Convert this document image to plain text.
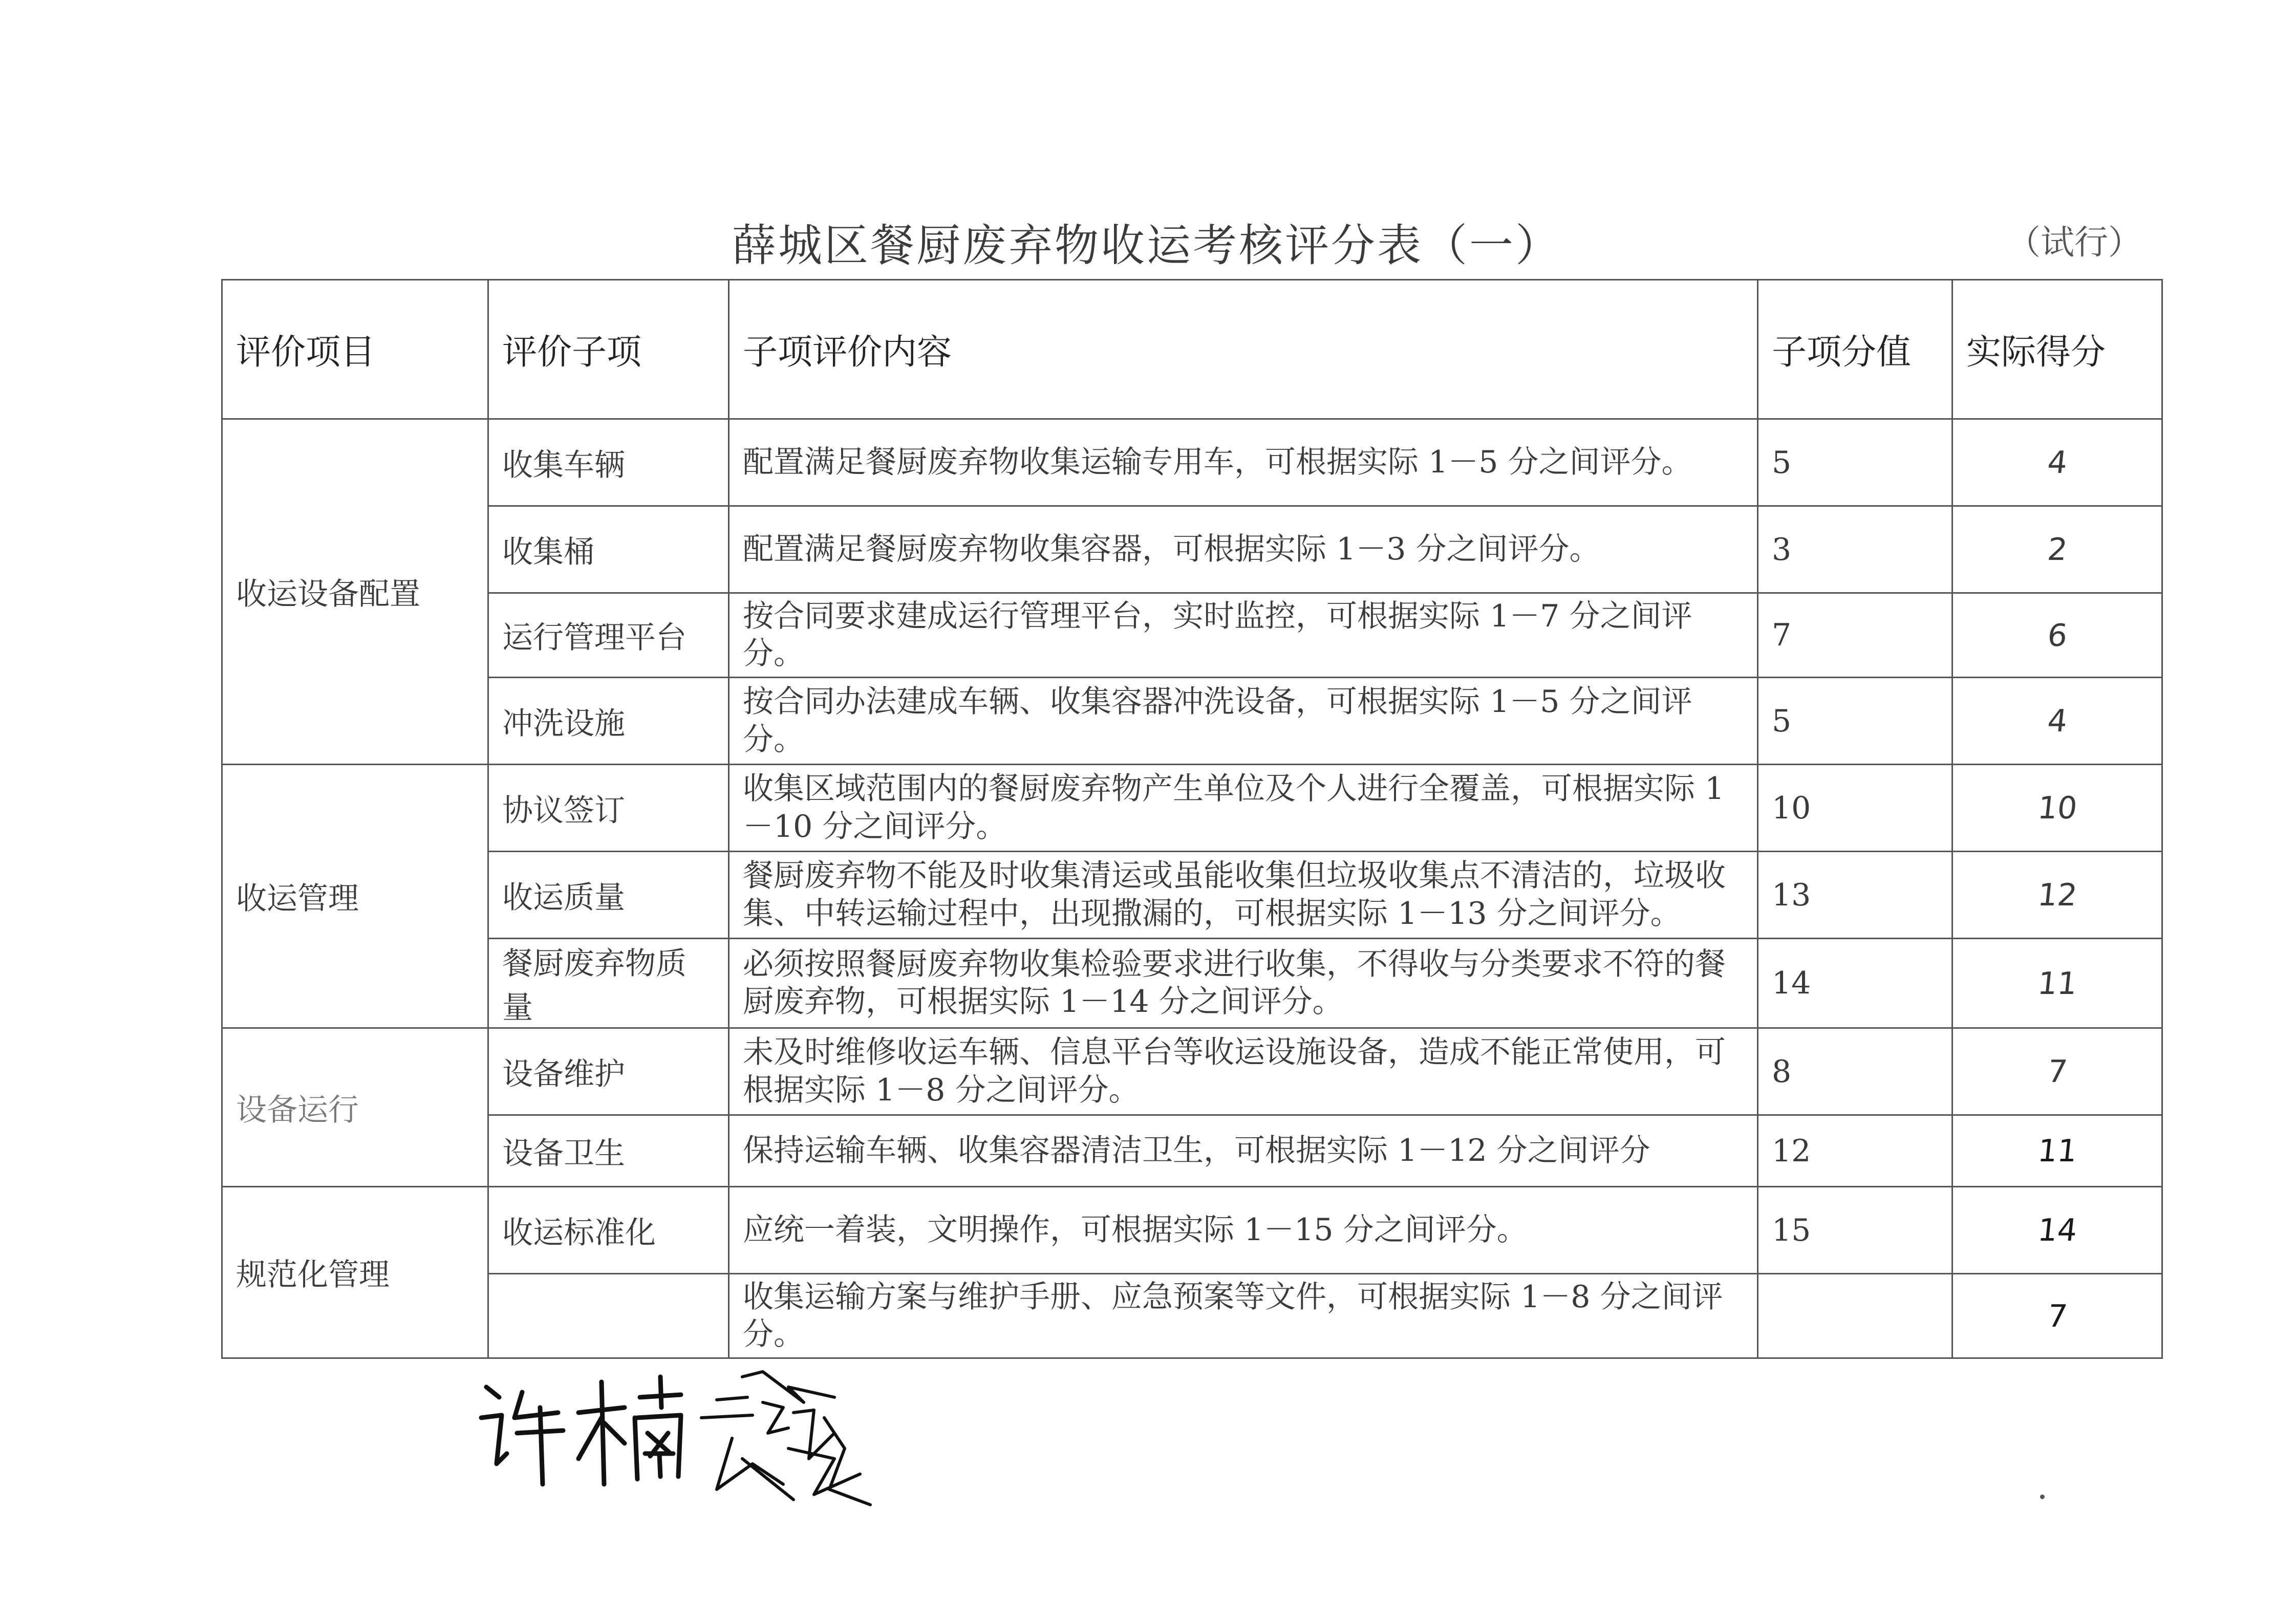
薛城区餐厨废弃物收运考核评分表（一）	（试行）
评价项目	评价子项	子项评价内容	子项分值	实际得分
收运设备配置	收集车辆	配置满足餐厨废弃物收集运输专用车，可根据实际 1－5 分之间评分。	5	4
	收集桶	配置满足餐厨废弃物收集容器，可根据实际 1－3 分之间评分。	3	2
	运行管理平台	按合同要求建成运行管理平台，实时监控，可根据实际 1－7 分之间评分。	7	6
	冲洗设施	按合同办法建成车辆、收集容器冲洗设备，可根据实际 1－5 分之间评分。	5	4
收运管理	协议签订	收集区域范围内的餐厨废弃物产生单位及个人进行全覆盖，可根据实际 1－10 分之间评分。	10	10
	收运质量	餐厨废弃物不能及时收集清运或虽能收集但垃圾收集点不清洁的，垃圾收集、中转运输过程中，出现撒漏的，可根据实际 1－13 分之间评分。	13	12
	餐厨废弃物质量	必须按照餐厨废弃物收集检验要求进行收集，不得收与分类要求不符的餐厨废弃物，可根据实际 1－14 分之间评分。	14	11
设备运行	设备维护	未及时维修收运车辆、信息平台等收运设施设备，造成不能正常使用，可根据实际 1－8 分之间评分。	8	7
	设备卫生	保持运输车辆、收集容器清洁卫生，可根据实际 1－12 分之间评分	12	11
规范化管理	收运标准化	应统一着装，文明操作，可根据实际 1－15 分之间评分。	15	14
		收集运输方案与维护手册、应急预案等文件，可根据实际 1－8 分之间评分。		7
